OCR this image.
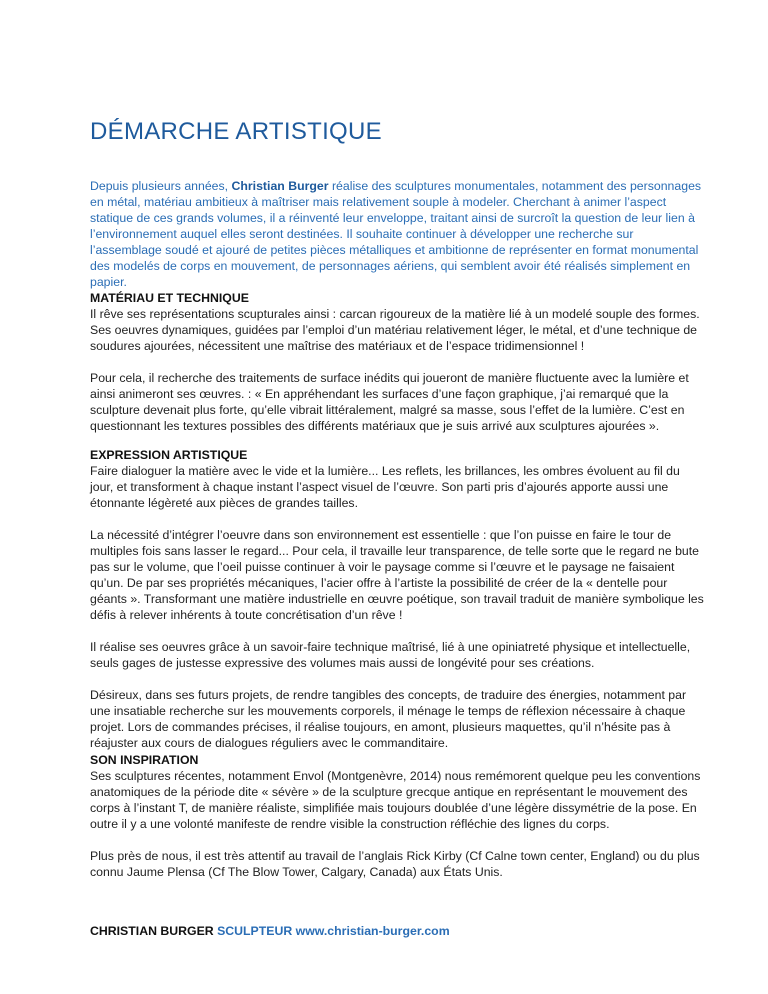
DÉMARCHE ARTISTIQUE

Depuis plusieurs années, Christian Burger réalise des sculptures monumentales, notamment des personnages en métal, matériau ambitieux à maîtriser mais relativement souple à modeler. Cherchant à animer l’aspect statique de ces grands volumes, il a réinventé leur enveloppe, traitant ainsi de surcroît la question de leur lien à l’environnement auquel elles seront destinées. Il souhaite continuer à développer une recherche sur l’assemblage soudé et ajouré de petites pièces métalliques et ambitionne de représenter en format monumental des modelés de corps en mouvement, de personnages aériens, qui semblent avoir été réalisés simplement en papier.

MATÉRIAU ET TECHNIQUE

Il rêve ses représentations scupturales ainsi : carcan rigoureux de la matière lié à un modelé souple des formes. Ses oeuvres dynamiques, guidées par l’emploi d’un matériau relativement léger, le métal, et d’une technique de soudures ajourées, nécessitent une maîtrise des matériaux et de l’espace tridimensionnel !

Pour cela, il recherche des traitements de surface inédits qui joueront de manière fluctuente avec la lumière et ainsi animeront ses œuvres. : « En appréhendant les surfaces d’une façon graphique, j’ai remarqué que la sculpture devenait plus forte, qu’elle vibrait littéralement, malgré sa masse, sous l’effet de la lumière. C’est en questionnant les textures possibles des différents matériaux que je suis arrivé aux sculptures ajourées ».

EXPRESSION ARTISTIQUE

Faire dialoguer la matière avec le vide et la lumière... Les reflets, les brillances, les ombres évoluent au fil du jour, et transforment à chaque instant l’aspect visuel de l’œuvre. Son parti pris d’ajourés apporte aussi une étonnante légèreté aux pièces de grandes tailles.

La nécessité d’intégrer l’oeuvre dans son environnement est essentielle : que l’on puisse en faire le tour de multiples fois sans lasser le regard... Pour cela, il travaille leur transparence, de telle sorte que le regard ne bute pas sur le volume, que l’oeil puisse continuer à voir le paysage comme si l’œuvre et le paysage ne faisaient qu’un. De par ses propriétés mécaniques, l’acier offre à l’artiste la possibilité de créer de la « dentelle pour géants ». Transformant une matière industrielle en œuvre poétique, son travail traduit de manière symbolique les défis à relever inhérents à toute concrétisation d’un rêve !

Il réalise ses oeuvres grâce à un savoir-faire technique maîtrisé, lié à une opiniatreté physique et intellectuelle, seuls gages de justesse expressive des volumes mais aussi de longévité pour ses créations.

Désireux, dans ses futurs projets, de rendre tangibles des concepts, de traduire des énergies, notamment par une insatiable recherche sur les mouvements corporels, il ménage le temps de réflexion nécessaire à chaque projet. Lors de commandes précises, il réalise toujours, en amont, plusieurs maquettes, qu’il n’hésite pas à réajuster aux cours de dialogues réguliers avec le commanditaire.

SON INSPIRATION

Ses sculptures récentes, notamment Envol (Montgenèvre, 2014) nous remémorent quelque peu les conventions anatomiques de la période dite « sévère » de la sculpture grecque antique en représentant le mouvement des corps à l’instant T, de manière réaliste, simplifiée mais toujours doublée d’une légère dissymétrie de la pose. En outre il y a une volonté manifeste de rendre visible la construction réfléchie des lignes du corps.

Plus près de nous, il est très attentif au travail de l’anglais Rick Kirby (Cf Calne town center, England) ou du plus connu Jaume Plensa (Cf The Blow Tower, Calgary, Canada) aux États Unis.

CHRISTIAN BURGER SCULPTEUR www.christian-burger.com
